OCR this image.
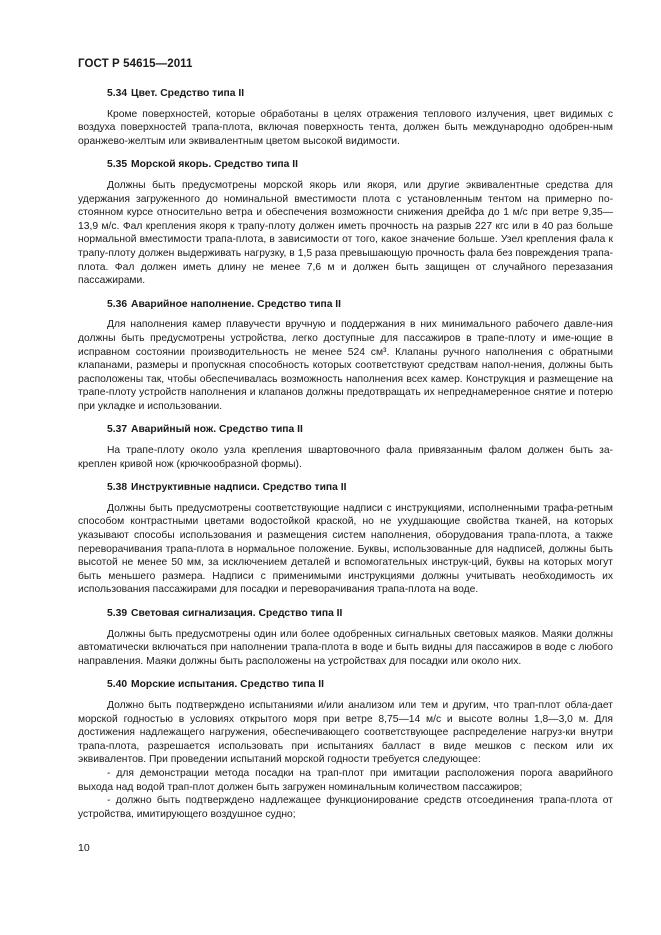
ГОСТ Р 54615—2011
5.34 Цвет. Средство типа II
Кроме поверхностей, которые обработаны в целях отражения теплового излучения, цвет видимых с воздуха поверхностей трапа-плота, включая поверхность тента, должен быть международно одобрен-ным оранжево-желтым или эквивалентным цветом высокой видимости.
5.35 Морской якорь. Средство типа II
Должны быть предусмотрены морской якорь или якоря, или другие эквивалентные средства для удержания загруженного до номинальной вместимости плота с установленным тентом на примерно по-стоянном курсе относительно ветра и обеспечения возможности снижения дрейфа до 1 м/с при ветре 9,35—13,9 м/с. Фал крепления якоря к трапу-плоту должен иметь прочность на разрыв 227 кгс или в 40 раз больше нормальной вместимости трапа-плота, в зависимости от того, какое значение больше. Узел крепления фала к трапу-плоту должен выдерживать нагрузку, в 1,5 раза превышающую прочность фала без повреждения трапа-плота. Фал должен иметь длину не менее 7,6 м и должен быть защищен от случайного перезазания пассажирами.
5.36 Аварийное наполнение. Средство типа II
Для наполнения камер плавучести вручную и поддержания в них минимального рабочего давле-ния должны быть предусмотрены устройства, легко доступные для пассажиров в трапе-плоту и име-ющие в исправном состоянии производительность не менее 524 см³. Клапаны ручного наполнения с обратными клапанами, размеры и пропускная способность которых соответствуют средствам напол-нения, должны быть расположены так, чтобы обеспечивалась возможность наполнения всех камер. Конструкция и размещение на трапе-плоту устройств наполнения и клапанов должны предотвращать их непреднамеренное снятие и потерю при укладке и использовании.
5.37 Аварийный нож. Средство типа II
На трапе-плоту около узла крепления швартовочного фала привязанным фалом должен быть за-креплен кривой нож (крючкообразной формы).
5.38 Инструктивные надписи. Средство типа II
Должны быть предусмотрены соответствующие надписи с инструкциями, исполненными трафа-ретным способом контрастными цветами водостойкой краской, но не ухудшающие свойства тканей, на которых указывают способы использования и размещения систем наполнения, оборудования трапа-плота, а также переворачивания трапа-плота в нормальное положение. Буквы, использованные для надписей, должны быть высотой не менее 50 мм, за исключением деталей и вспомогательных инструк-ций, буквы на которых могут быть меньшего размера. Надписи с применимыми инструкциями должны учитывать необходимость их использования пассажирами для посадки и переворачивания трапа-плота на воде.
5.39 Световая сигнализация. Средство типа II
Должны быть предусмотрены один или более одобренных сигнальных световых маяков. Маяки должны автоматически включаться при наполнении трапа-плота в воде и быть видны для пассажиров в воде с любого направления. Маяки должны быть расположены на устройствах для посадки или около них.
5.40 Морские испытания. Средство типа II
Должно быть подтверждено испытаниями и/или анализом или тем и другим, что трап-плот обла-дает морской годностью в условиях открытого моря при ветре 8,75—14 м/с и высоте волны 1,8—3,0 м. Для достижения надлежащего нагружения, обеспечивающего соответствующее распределение нагруз-ки внутри трапа-плота, разрешается использовать при испытаниях балласт в виде мешков с песком или их эквивалентов. При проведении испытаний морской годности требуется следующее:
- для демонстрации метода посадки на трап-плот при имитации расположения порога аварийного выхода над водой трап-плот должен быть загружен номинальным количеством пассажиров;
- должно быть подтверждено надлежащее функционирование средств отсоединения трапа-плота от устройства, имитирующего воздушное судно;
10
